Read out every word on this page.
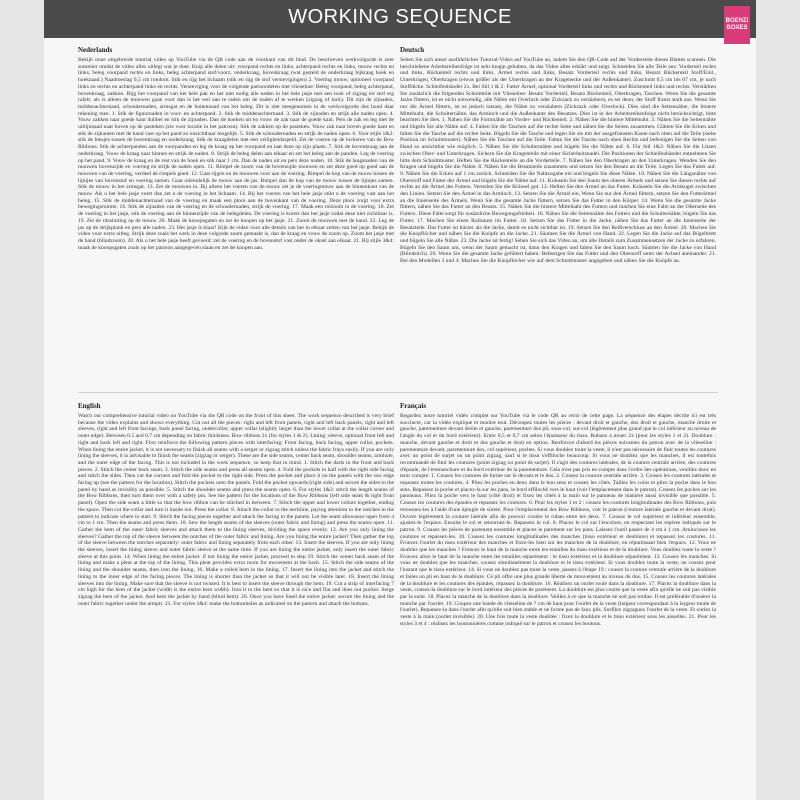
WORKING SEQUENCE	BOENZI
BOXES
Nederlands

Bekijk onze uitgebreide tutorial video op YouTube via de QR code aan de voorkant van dit blad. De beschreven werkvolgorde is zeer summier omdat de video alles uitlegt wat je doet. Knip alle delen uit: voorpand rechts en links, achterpand rechts en links, mouw rechts en links, beleg voorpand rechts en links, beleg achterpand stof/voorz. onderkraag, bovenkraag (wat gesteld de onderkraag bijkraag hoek en hoeknaad.) Naadtoeslag 0,5 cm rondom. Stik en rijg het lichaam (stik en rijg de stof verstevigingen) 2. Voering mouw, optioneel voorpand links en rechts en achterpand links en rechts. Versteviging voor de volgende patroondelen met vlieseline: Beleg voorpand, beleg achterpand, bovenkraag, zakken. Rijg het voorpand van het hele pak en het niet nodig alle naden in het hele jasje met een look of zigzag tot stof erg rafelt; als is alleen de mouwen gaan voor dan is het wel aan te raden om de naden af te werken (zigzag of lock). Dit zijn de zijnaden, middenachternaad, schoudernaden, armsgat en de buitennaad van het beleg. Dit is niet meegenomen in de werkvolgorde dus houd daar rekening mee. 1. Stik de figuurnaden in voor- en achterpand. 2. Stik de middenachternaad. 3. Stik de zijnaden en strijk alle naden open. 4. Vouw zakken naar goede kant dubbel en stik de zijnaden. Dan de hoeken uit en vouw de zak naar de goede kant. Pers de zak en leg met de uitlijnnaad naar boven op de pasteken (zie voor locatie in het patroon). Stik de zakken op de pasteken. Vouw zak naar boven goede kant en stik de zijkanten met de hand vast op het pand zo onzichtbaar mogelijk. 5. Stik de schoudernaden en strijk de naden open. 6. Voor stijle 1&2: stik de biesjes tussen de bovenkraag en onderkraag. Stik de kraagdelen met een veiligheidsspeld. Zet de voeren op de lockeren van de Bow Ribbons. Stik de achterpanden aan de voorpanden en leg de kraag op het voorpand en laat deze op zijn plaats. 7. Stik de bovenkraag aan de onderkraag. Vouw de kraag naar binnen en strijk de naden. 8. Strijk de beleg delen aan elkaar en zet het beleg aan de panden. Leg de voering op het pand. 9. Vouw de kraag en de rest van de hoek en stik naar 1 cm. Dan de naden uit en pers deze naden. 10. Stik de langsnaden van de mouwen bovenzijde en voering en strijk de naden open. 11. Rimpel de zoom van de bovenzijde mouwen en zet deze goed op goed aan de mouwen van de voering, verdeel de rimpels goed. 12. Gaat rijgen en de mouwen voor aan de voering. Rimpel de kop van de mouw tussen de lijntjes van bovenstof en voering samen. Gaat uiteindelijk de mouw aan de jas. Rimpel dan de kop van de mouw tussen de lijntjes samen. Stik de mouw in het armsgat. 13. Zet de mouwen in. Bij alleen het voeren van de mouw zet je de voeringmouw aan de binnenkant van de mouw. Als u het hele jasje voert dan zet u de voering in het lichaam. 14. Bij het voeren van het hele jasje stikt u de voering vast aan het beleg. 15. Stik de middenachternaad van de voering en maak een plooi aan de bovenkant van de voering. Deze plooi zorgt voor extra bewegingsruimte. 16. Stik de zijnaden van de voering en de schoudernaden, strijk de voering. 17. Maak een rolzoom in de voering. 18. Zet de voering in het jasje, stik de voering aan de binnenzijde van de belegdelen. De voering is korter dan het jasje zodat deze niet zichtbaar is. 19. Zet de ritssluiting op de mouw. 20. Maak de knoopsgaten en zet de knopen op het jasje. 21. Zoom de mouwen met de hand. 22. Leg de jas op de strijkplank en pers alle naden. 23. Het jasje is klaar! Kijk de video voor alle details van het in elkaar zetten van het jasje. Bekijk de video voor extra uitleg. Strijk deze zoals het werk in deze volgorde zoom gemaakt is, dan de kraag en vouw de zoom op. Zoom het jasje met de hand (blindzoom). 20. Als u het hele jasje heeft gevoerd: zet de voering en de bovenstof vast onder de oksel aan elkaar. 21. Bij stijle 3&4: maak de knoopsgaten zoals op het patroon aangegeven staan en zet de knopen aan.

Deutsch

Sehen Sie sich unser ausführliches Tutorial-Video auf YouTube an, indem Sie den QR-Code auf der Vorderseite dieses Blattes scannen. Die beschriebene Arbeitsreihenfolge ist sehr knapp gehalten, da das Video alles erklärt und zeigt. Schneiden Sie alle Teile aus: Vorderteil rechts und links, Rückenteil rechts und links, Ärmel rechts und links, Besatz Vorderteil rechts und links, Besatz Rückenteil Stoff/Einl., Unterkragen, Oberkragen (etwas größer als der Unterkragen an der Kragenecke und der Außenkante). Zuschnitt 0,5 cm bis 07 cm, je nach Stoffdicke. Schleifenbänder 2x. Bei Stil 1 & 2: Futter Ärmel, optional Vorderteil links und rechts und Rückenteil links und rechts. Verstärken Sie zusätzlich die folgenden Schnittteile mit Vlieseline: Besatz Vorderteil, Besatz Rückenteil, Oberkragen, Taschen. Wenn Sie die gesamte Jacke füttern, ist es nicht notwendig, alle Nähte mit Overlock oder Zickzack zu versäubern, es sei denn, der Stoff franst stark aus. Wenn Sie nur die Ärmel füttern, ist es jedoch ratsam, die Nähte zu versäubern (Zickzack oder Overlock). Dies sind die Seitennähte, die hintere Mittelnaht, die Schulternähte, das Armloch und die Außenkante des Besatzes. Dies ist in der Arbeitsreihenfolge nicht berücksichtigt, bitte beachten Sie dies. 1. Nähen Sie die Formnähte am Vorder- und Rückenteil. 2. Nähen Sie die hintere Mittelnaht. 3. Nähen Sie die Seitennähte und bügeln Sie alle Nähte auf. 4. Falten Sie die Taschen auf die rechte Seite und nähen Sie die Seiten zusammen. Glätten Sie die Ecken und falten Sie die Tasche auf die rechte Seite. Bügeln Sie die Tasche und legen Sie sie mit der ausgefransten Kante nach oben auf die Teile (siehe Position im Schnittmuster). Nähen Sie die Taschen auf die Teile. Falten Sie die Tasche nach oben Rechts und befestigen Sie die Seiten von Hand so unsichtbar wie möglich. 5. Nähen Sie die Schulternähte und bügeln Sie die Nähte auf. 6. Für Stil 1&2: Nähen Sie die Litzen zwischen Ober- und Unterkragen. Sichern Sie die Kragenteile mit einer Sicherheitsnadel. Die Positionen der Schleifenbänder entnehmen Sie bitte dem Schnittmuster. Heften Sie die Rückenteile an die Vorderteile. 7. Nähen Sie den Oberkragen an den Unterkragen. Wenden Sie den Kragen und bügeln Sie die Nähte. 8. Nähen Sie die Besatzteile zusammen und setzen Sie den Besatz an die Teile. Legen Sie das Futter auf. 9. Nähen Sie die Ecken auf 1 cm zurück. Schneiden Sie die Nahtzugabe ein und bügeln Sie diese Nähte. 10. Nähen Sie die Längsnähte von Oberstoff und Futter der Ärmel und bügeln Sie die Nähte auf. 11. Kräuseln Sie den Saum des oberen Ärmels und setzen Sie diesen rechts auf rechts an die Ärmel des Futters. Verteilen Sie die Kräusel gut. 12. Heften Sie den Ärmel an das Futter. Kräuseln Sie die Armkugel zwischen den Linien. Setzen Sie den Ärmel in das Armloch. 13. Setzen Sie die Ärmel ein. Wenn Sie nur den Ärmel füttern, setzen Sie den Futterärmel an die Innenseite des Ärmels. Wenn Sie die gesamte Jacke füttern, setzen Sie das Futter in den Körper. 14. Wenn Sie die gesamte Jacke füttern, nähen Sie das Futter an den Besatz. 15. Nähen Sie die hintere Mittelnaht des Futters und machen Sie eine Falte an der Oberseite des Futters. Diese Falte sorgt für zusätzliche Bewegungsfreiheit. 16. Nähen Sie die Seitennähte des Futters und die Schulternähte, bügeln Sie das Futter. 17. Machen Sie einen Rollsaum im Futter. 18. Setzen Sie das Futter in die Jacke, nähen Sie das Futter an die Innenseite der Besatzteile. Das Futter ist kürzer als die Jacke, damit es nicht sichtbar ist. 19. Setzen Sie den Reißverschluss an den Ärmel. 20. Machen Sie die Knopflöcher und nähen Sie die Knöpfe an die Jacke. 21. Säumen Sie die Ärmel von Hand. 22. Legen Sie die Jacke auf das Bügelbrett und bügeln Sie alle Nähte. 23. Die Jacke ist fertig! Sehen Sie sich das Video an, um alle Details zum Zusammensetzen der Jacke zu erfahren. Bügeln Sie den Saum um, wenn der Saum gemacht ist, dann den Kragen und falten Sie den Saum hoch. Säumen Sie die Jacke von Hand (Blindstich). 20. Wenn Sie die gesamte Jacke gefüttert haben: Befestigen Sie das Futter und den Oberstoff unter der Achsel aneinander. 21. Bei den Modellen 3 und 4: Machen Sie die Knopflöcher wie auf dem Schnittmuster angegeben und nähen Sie die Knöpfe an.

English

Watch our comprehensive tutorial video on YouTube via the QR code on the front of this sheet. The work sequence described is very brief because the video explains and shows everything. Cut out all the pieces: right and left front panels, right and left back panels, right and left sleeves, right and left front facings, back panel facing, undercollar, upper collar (slightly larger than the lower collar at the collar corner and outer edge). Between 0.5 and 0.7 cm depending on fabric thickness. Bow ribbons 2x (for styles 1 & 2). Lining: sleeve, optional front left and right and back left and right. First reinforce the following pattern pieces with interfacing: Front facing, back facing, upper collar, pockets. When lining the entire jacket, it is not necessary to finish all seams with a serger or zigzag stitch unless the fabric frays easily. If you are only lining the sleeves, it is advisable to finish the seams (zigzag or serger). These are the side seams, center back seam, shoulder seams, armhole, and the outer edge of the facing. This is not included in the work sequence, so keep that in mind. 1. Stitch the darts in the front and back pieces. 2. Stitch the center back seam. 3. Stitch the side seams and press all seams open. 4. Fold the pockets in half with the right side facing and stitch the sides. Then cut the corners and fold the pocket to the right side. Press the pocket and place it on the panels with the raw edge facing up (see the pattern for the location). Stitch the pockets onto the panels. Fold the pocket upwards (right side) and secure the sides to the panel by hand as invisibly as possible. 5. Stitch the shoulder seams and press the seams open. 6. For styles 1&2: stitch the length seams of the Bow Ribbons, then turn them over with a safety pin. See the pattern for the locations of the Bow Ribbons (left side seam & right front panel). Open the side seam a little so that the bow ribbon can be stitched in between. 7. Stitch the upper and lower collars together, ending the space. Then cut the collar and turn it inside out. Press the collar. 8. Attach the collar to the neckline, paying attention to the notches in the pattern to indicate where to start. 9. Stitch the facing pieces together and attach the facing to the panels. Let the seam allowance taper from 4 cm to 1 cm. Then the seams and press them. 10. Sew the length seams of the sleeves (outer fabric and lining) and press the seams open. 11. Gather the hem of the outer fabric sleeves and attach them to the lining sleeves, dividing the space evenly. 12. Are you only lining the sleeves? Gather the top of the sleeve between the notches of the outer fabric and lining. Are you lining the entire jacket? Then gather the top of the sleeve between the notches separately: outer fabric and lining separately from each other. 13. Insert the sleeves. If you are only lining the sleeves, insert the lining sleeve and outer fabric sleeve at the same time. If you are lining the entire jacket, only insert the outer fabric sleeve at this point. 14. When lining the entire jacket: if not lining the entire jacket, proceed to step 19. Stitch the center back seam of the lining and make a pleat at the top of the lining. This pleat provides extra room for movement at the back. 15. Stitch the side seams of the lining and the shoulder seams, then iron the lining. 16. Make a rolled hem in the lining. 17. Insert the lining into the jacket and stitch the lining to the inner edge of the facing pieces. The lining is shorter than the jacket so that it will not be visible later. 18. Insert the lining sleeves into the lining. Make sure that the sleeve is not twisted. It is best to insert the sleeve through the hem. 19. Cut a strip of interfacing 7 cm high for the hem of the jacket (width is the entire hem width). Iron it to the hem so that it is nice and flat and does not pucker. Serge zigzag the hem of the jacket. And hem the jacket by hand (blind hem). 20. Once you have lined the entire jacket: secure the lining and the outer fabric together under the armpit. 21. For styles 3&4: make the buttonholes as indicated on the pattern and attach the buttons.

Français

Regardez notre tutoriel vidéo complet sur YouTube via le code QR au recto de cette page. La séquence des étapes décrite ici est très succincte, car la vidéo explique et montre tout. Découpez toutes les pièces : devant droit et gauche, dos droit et gauche, manche droite et gauche, parementure devant droite et gauche, parementure dos pli, sous-col, sur-col (légèrement plus grand que le col inférieur au niveau de l'angle du col et du bord extérieur). Entre 0,5 et 0,7 cm selon l'épaisseur du tissu. Rubans à nouer 2x (pour les styles 1 et 2). Doublure : manche, devant gauche et droit et dos gauche et droit en option. Renforcez d'abord les pièces suivantes du patron avec de la vlieseline : parementure devant, parementure dos, col supérieur, poches. Si vous doublez toute la veste, il n'est pas nécessaire de finir toutes les coutures avec un point de surjet ou un point zigzag, sauf si le tissu s'effiloche beaucoup. Si vous ne doublez que les manches, il est toutefois recommandé de finir les coutures (point zigzag ou point de surjet). Il s'agit des coutures latérales, de la couture centrale arrière, des coutures d'épaule, de l'emmanchure et du bord extérieur de la parementure. Cela n'est pas pris en compte dans l'ordre des opérations, veuillez donc en tenir compte. 1. Cousez les coutures de forme sur le devant et le dos. 2. Cousez la couture centrale arrière. 3. Cousez les coutures latérales et repassez toutes les coutures. 4. Pliez les poches en deux dans le bon sens et cousez les côtés. Taillez les coins et pliez la poche dans le bon sens. Repassez la poche et placez-la sur les pans, le bord effiloché vers le haut (voir l'emplacement dans le patron). Cousez les poches sur les panneaux. Pliez la poche vers le haut (côté droit) et fixez les côtés à la main sur le panneau de manière aussi invisible que possible. 5. Cousez les coutures des épaules et repassez les coutures. 6. Pour les styles 1 et 2 : cousez les coutures longitudinales des Bow Ribbons, puis retournez-les à l'aide d'une épingle de sûreté. Pour l'emplacement des Bow Ribbons, voir le patron (couture latérale gauche et devant droit). Ouvrez légèrement la couture latérale afin de pouvoir coudre le ruban entre les deux. 7. Cousez le col supérieur et inférieur ensemble, ajustez-le l'espace. Ensuite le col et retournez-le. Repassez le col. 8. Placez le col sur l'encolure, en respectant les repères indiqués sur le patron. 9. Cousez les pièces de parement ensemble et placez le parement sur les pans. Laissez l'outil passer de 4 cm à 1 cm. Amincissez les coutures et repassez-les. 10. Cousez les coutures longitudinales des manches (tissu extérieur et doublure) et repassez les coutures. 11. Froncez l'ourlet du tissu extérieur des manches et fixez-les bien sur les manches de la doublure, en répartissant bien l'espace. 12. Vous ne doublez que les manches ? Froncez le haut de la manche entre les entailles du tissu extérieur et de la doublure. Vous doublez toute la veste ? Froncez alors le haut de la manche entre les entailles séparément : le tissu extérieur et la doublure séparément. 13. Cousez les manches. Si vous ne doublez que les manches, cousez simultanément la doublure et le tissu extérieur. Si vous doublez toute la veste, ne cousez pour l'instant que le tissu extérieur. 14. Si vous ne doublez pas toute la veste, passez à l'étape 19 : cousez la couture centrale arrière de la doublure et faites un pli en haut de la doublure. Ce pli offre une plus grande liberté de mouvement au niveau du dos. 15. Cousez les coutures latérales de la doublure et les coutures des épaules, repassez la doublure. 16. Réalisez un ourlet roulé dans la doublure. 17. Placez la doublure dans la veste, cousez-la doublure sur le bord intérieur des pièces de parement. La doublure est plus courte que la veste afin qu'elle ne soit pas visible par la suite. 18. Placez la manche de la doublure dans la doublure. Veillez à ce que la manche ne soit pas tordue. Il est préférable d'insérer la manche par l'ourlet. 19. Coupez une bande de vlieseline de 7 cm de haut pour l'ourlet de la veste (largeur correspondant à la largeur totale de l'ourlet). Repassez-la dans l'ourlet afin qu'elle soit bien stable et ne forme pas de faux plis. Surfilez zigzaguez l'ourlet de la veste. Et ourlez la veste à la main (ourlet invisible). 20. Une fois toute la veste doublée : fixez la doublure et le tissu extérieur sous les aisselles. 21. Pour les styles 3 et 4 : réalisez les boutonnières comme indiqué sur le patron et cousez les boutons.
